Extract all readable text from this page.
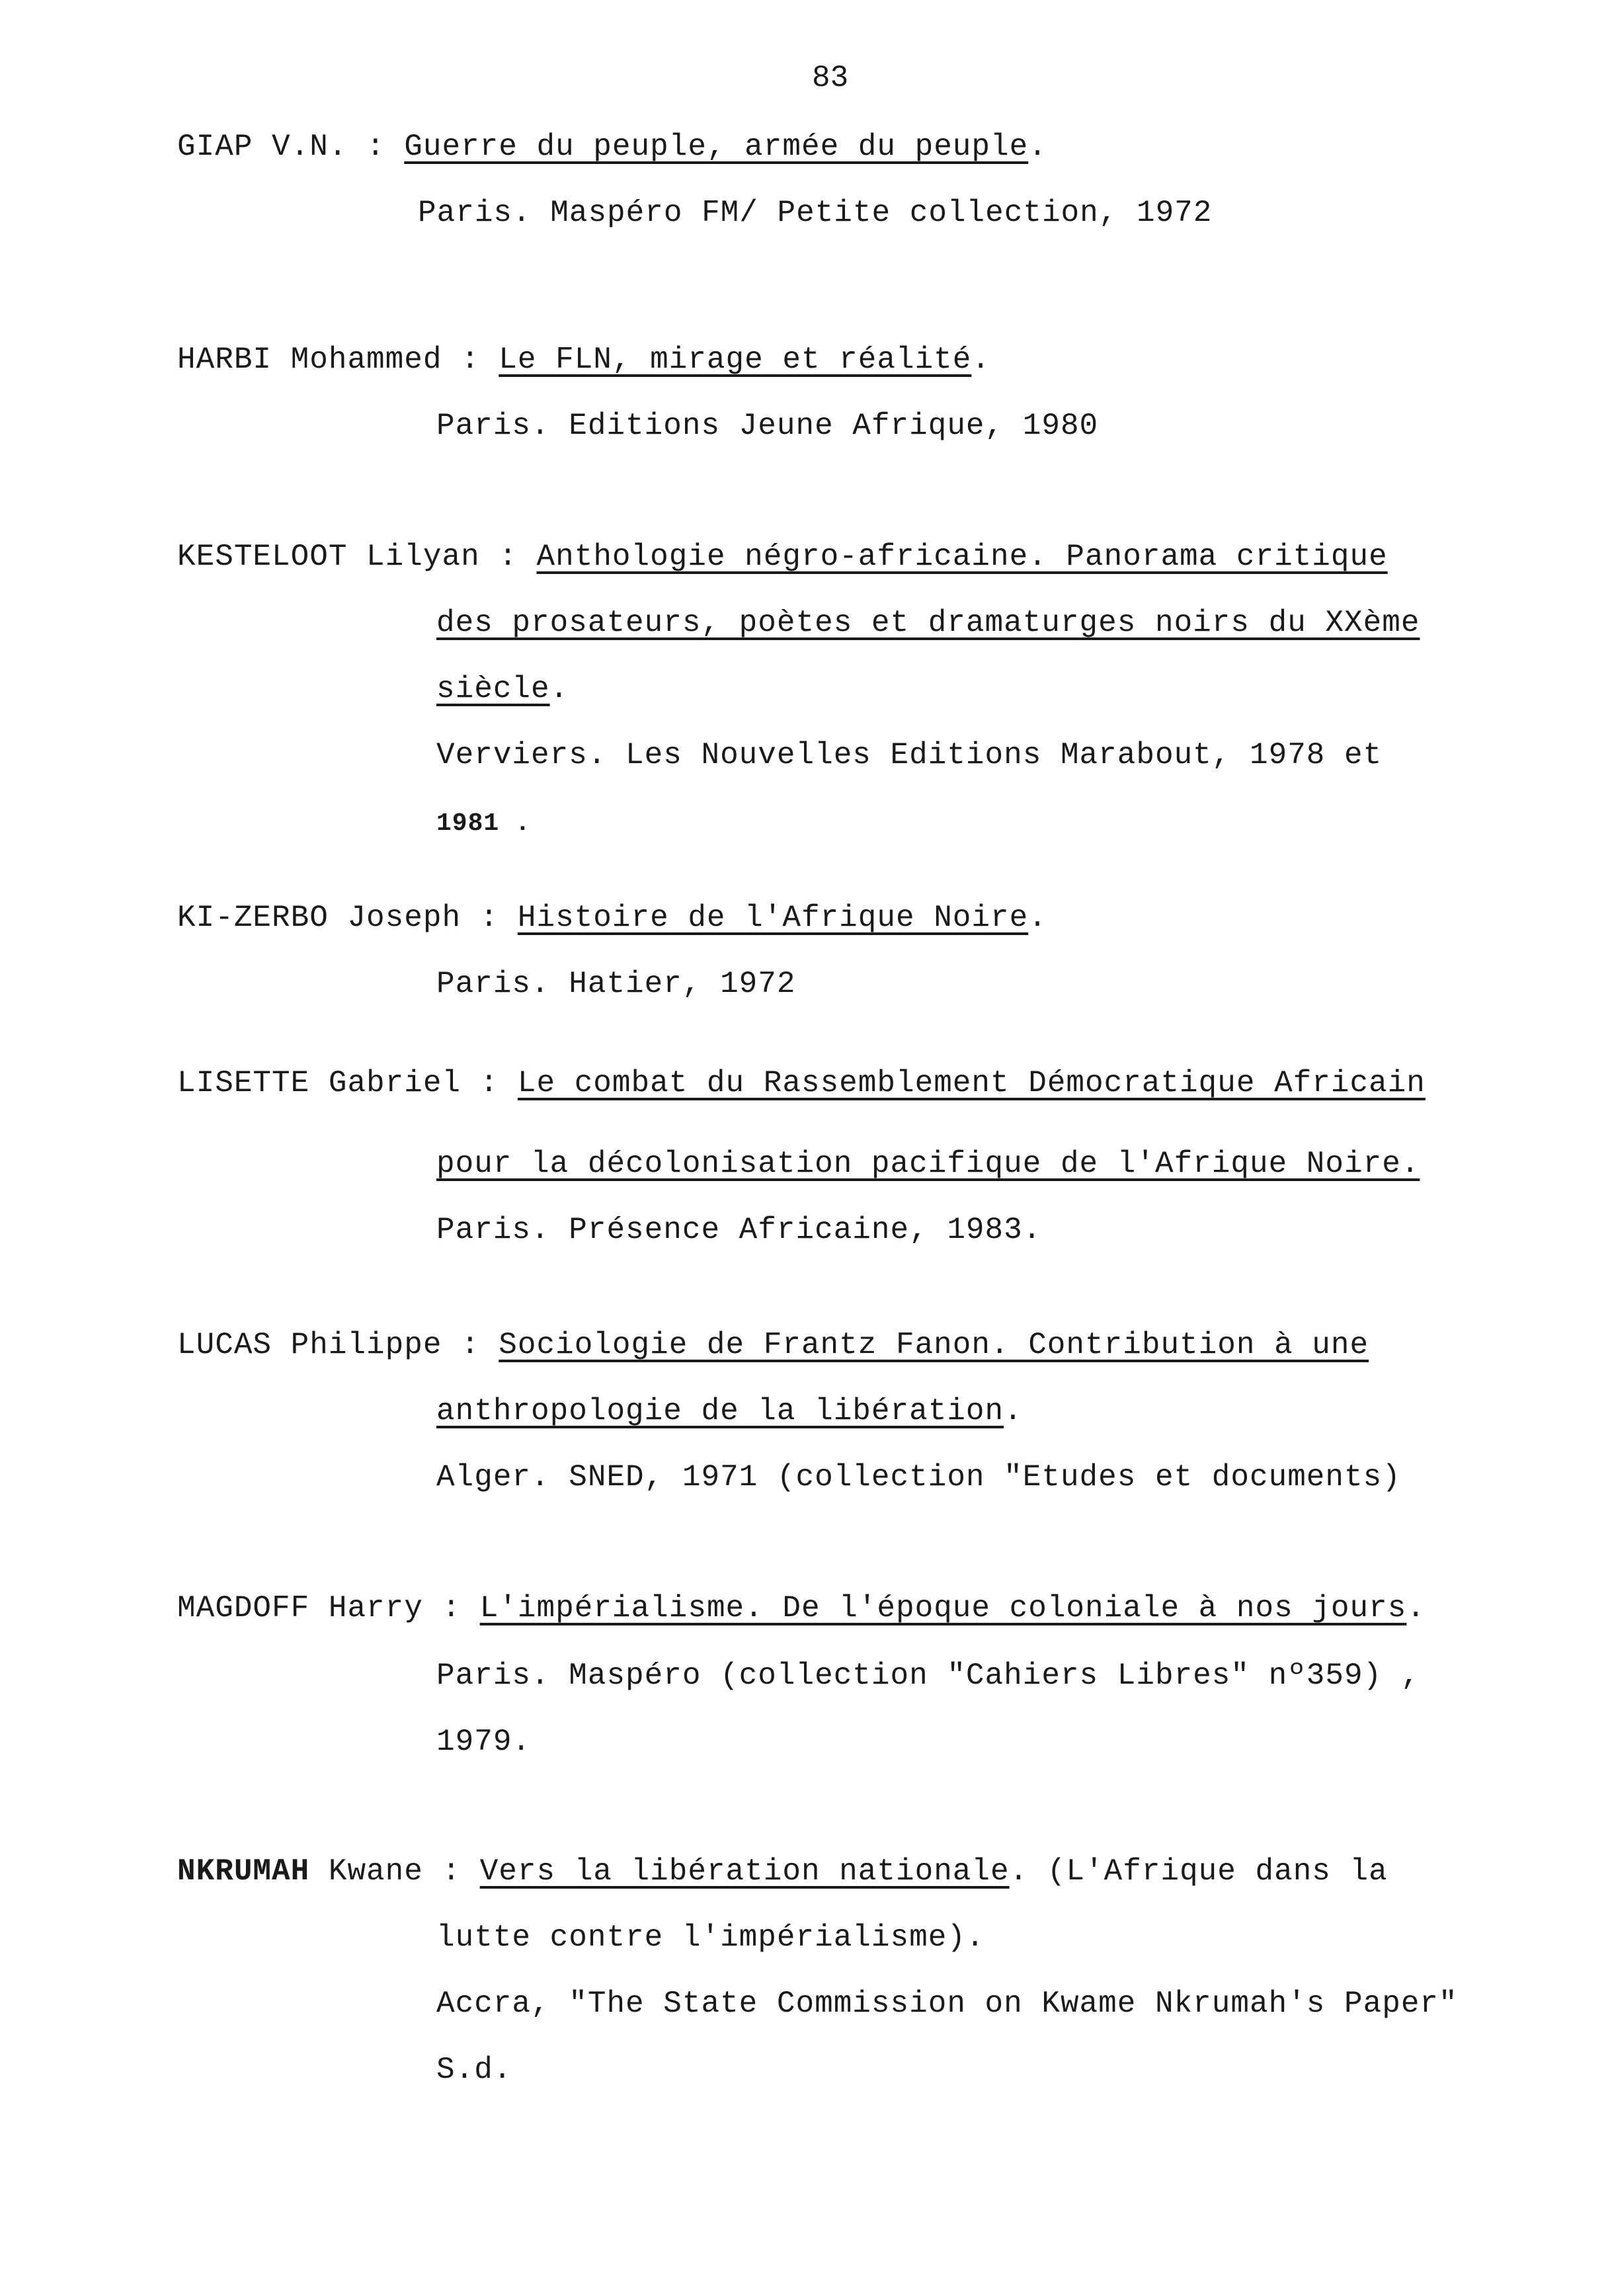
83
GIAP V.N. : Guerre du peuple, armée du peuple.
Paris. Maspéro FM/ Petite collection, 1972
HARBI Mohammed : Le FLN, mirage et réalité.
Paris. Editions Jeune Afrique, 1980
KESTELOOT Lilyan : Anthologie négro-africaine. Panorama critique
des prosateurs, poètes et dramaturges noirs du XXème
siècle.
Verviers. Les Nouvelles Editions Marabout, 1978 et
1981 .
KI-ZERBO Joseph : Histoire de l'Afrique Noire.
Paris. Hatier, 1972
LISETTE Gabriel : Le combat du Rassemblement Démocratique Africain
pour la décolonisation pacifique de l'Afrique Noire.
Paris. Présence Africaine, 1983.
LUCAS Philippe : Sociologie de Frantz Fanon. Contribution à une
anthropologie de la libération.
Alger. SNED, 1971 (collection "Etudes et documents)
MAGDOFF Harry : L'impérialisme. De l'époque coloniale à nos jours.
Paris. Maspéro (collection "Cahiers Libres" nº359) ,
1979.
NKRUMAH Kwane : Vers la libération nationale. (L'Afrique dans la
lutte contre l'impérialisme).
Accra, "The State Commission on Kwame Nkrumah's Paper"
S.d.
